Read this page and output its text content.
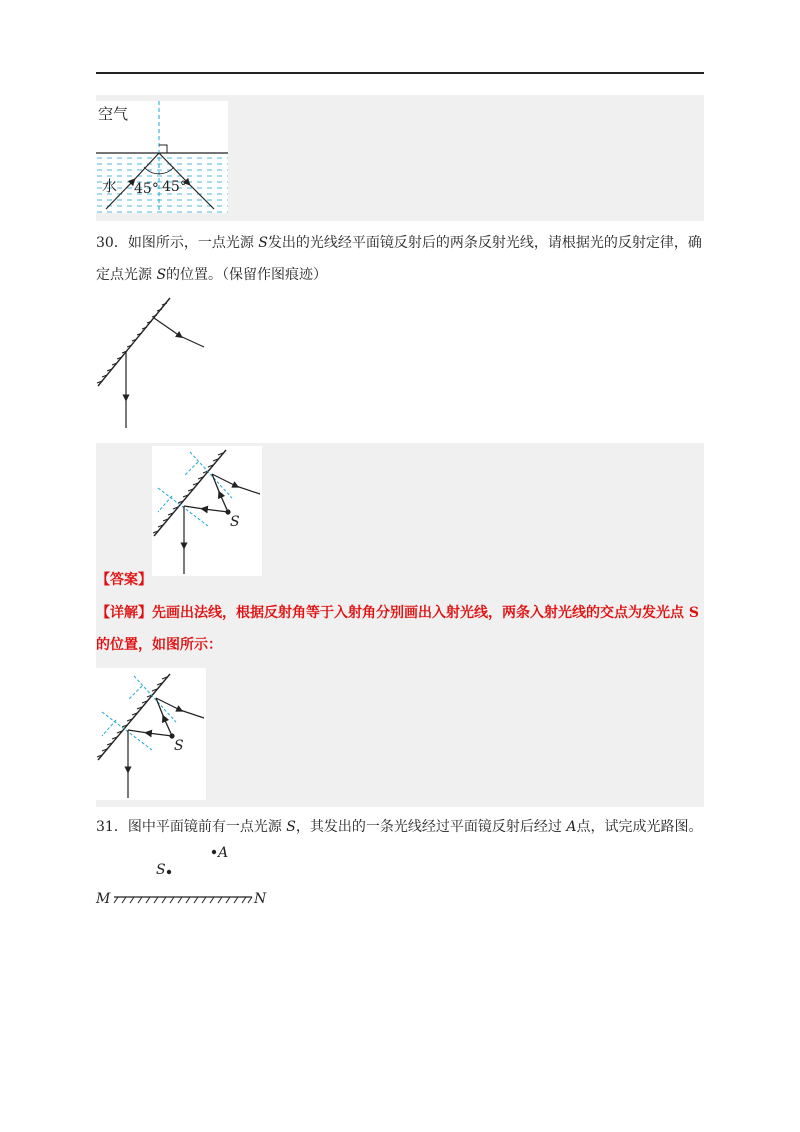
空气
水 45° 45°
30．如图所示，一点光源 S发出的光线经平面镜反射后的两条反射光线，请根据光的反射定律，确
定点光源 S的位置。（保留作图痕迹）
S
【答案】
【详解】先画出法线，根据反射角等于入射角分别画出入射光线，两条入射光线的交点为发光点 S
的位置，如图所示：
S
31．图中平面镜前有一点光源 S，其发出的一条光线经过平面镜反射后经过 A点，试完成光路图。
A
S
M	N
